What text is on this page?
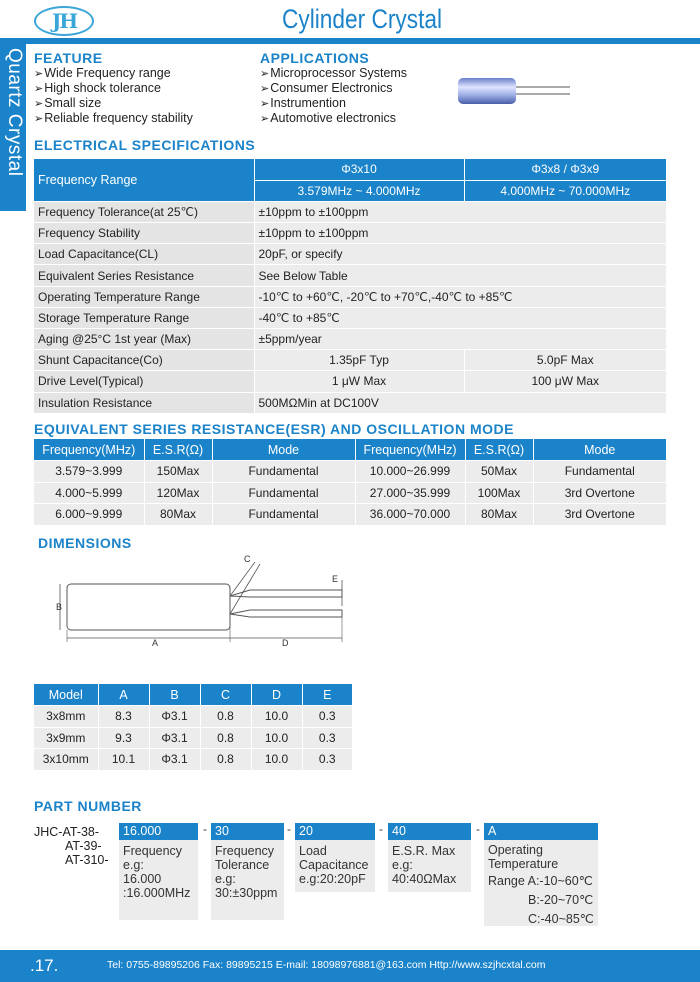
JH	Cylinder Crystal
Quartz Crystal FEATURE
➢ Wide Frequency range
➢ High shock tolerance
➢ Small size
➢ Reliable frequency stability
APPLICATIONS
➢ Microprocessor Systems
➢ Consumer Electronics
➢ Instrumention
➢ Automotive electronics
ELECTRICAL SPECIFICATIONS
Frequency Range	Φ3x10	Φ3x8 / Φ3x9
	3.579MHz ~ 4.000MHz	4.000MHz ~ 70.000MHz
Frequency Tolerance(at 25℃)	±10ppm to ±100ppm	
Frequency Stability	±10ppm to ±100ppm	
Load Capacitance(CL)	20pF, or specify	
Equivalent Series Resistance	See Below Table	
Operating Temperature Range	-10℃ to +60℃, -20℃ to +70℃,-40℃ to +85℃	
Storage Temperature Range	-40℃ to +85℃	
Aging @25°C 1st year (Max)	±5ppm/year	
Shunt Capacitance(Co)	1.35pF Typ	5.0pF Max
Drive Level(Typical)	1 μW Max	100 μW Max
Insulation Resistance	500MΩMin at DC100V	
EQUIVALENT SERIES RESISTANCE(ESR) AND OSCILLATION MODE
Frequency(MHz)	E.S.R(Ω)	Mode	Frequency(MHz)	E.S.R(Ω)	Mode
3.579~3.999	150Max	Fundamental	10.000~26.999	50Max	Fundamental
4.000~5.999	120Max	Fundamental	27.000~35.999	100Max	3rd Overtone
6.000~9.999	80Max	Fundamental	36.000~70.000	80Max	3rd Overtone
DIMENSIONS
C
E
B
A	D
Model	A	B	C	D	E
3x8mm	8.3	Φ3.1	0.8	10.0	0.3
3x9mm	9.3	Φ3.1	0.8	10.0	0.3
3x10mm	10.1	Φ3.1	0.8	10.0	0.3
PART NUMBER
JHC-AT-38-
AT-39-
AT-310-
16.000
Frequency
e.g:
16.000
:16.000MHz
- 30
Frequency
Tolerance
e.g:
30:±30ppm
- 20
Load
Capacitance
e.g:20:20pF
- 40
E.S.R. Max
e.g:
40:40ΩMax
- A
Operating
Temperature
Range A:-10~60℃
B:-20~70℃
C:-40~85℃
.17.	Tel: 0755-89895206 Fax: 89895215 E-mail: 18098976881@163.com Http://www.szjhcxtal.com
